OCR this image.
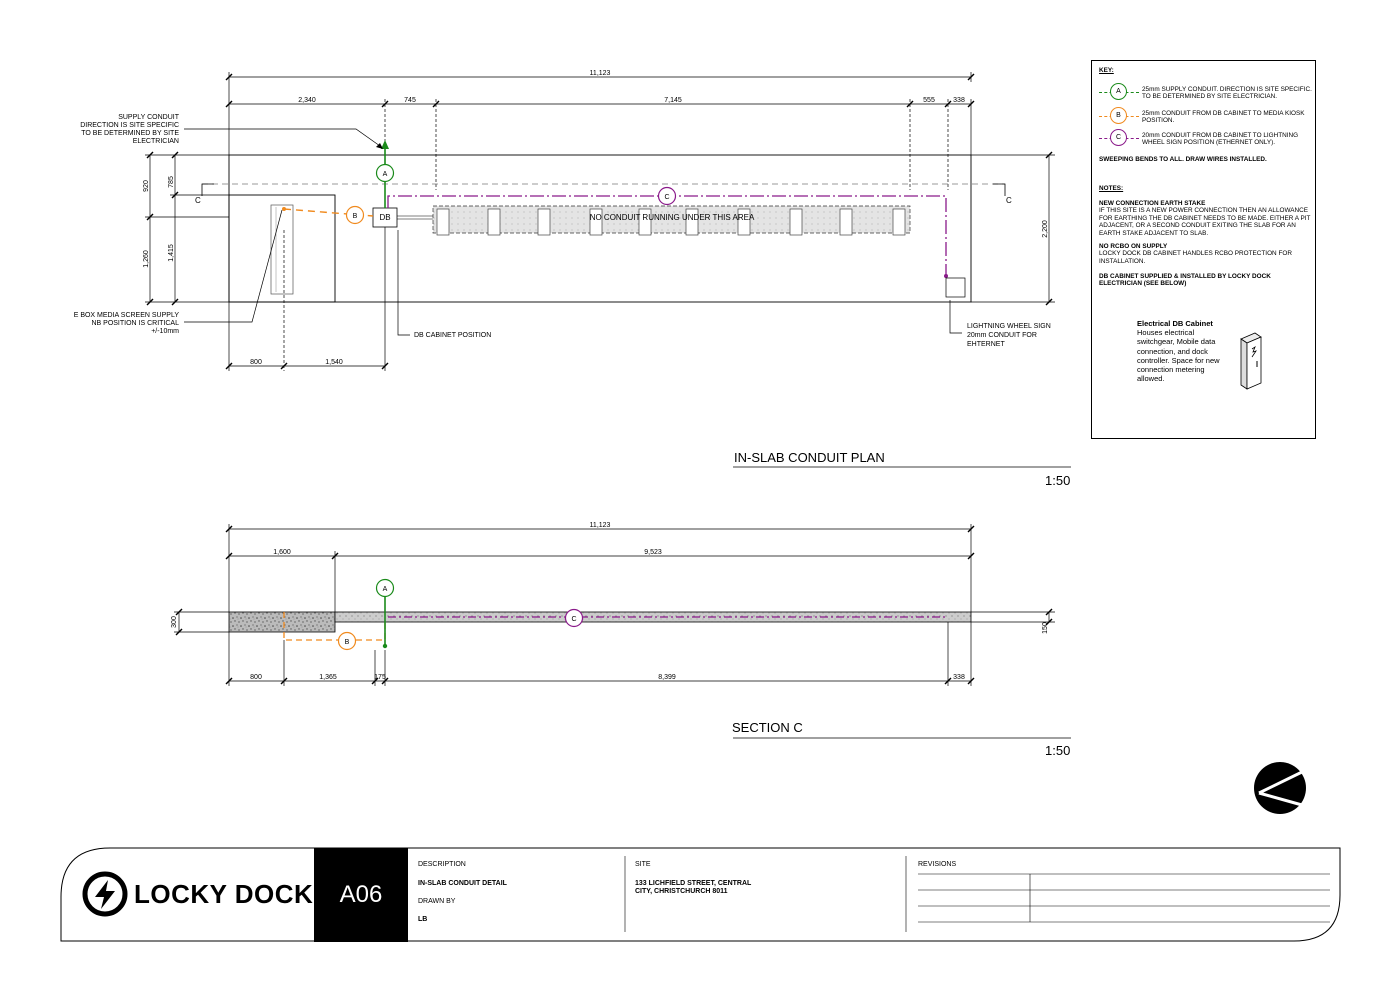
11,123
2,340	745	7,145	555	338
C	C
NO CONDUIT RUNNING UNDER THIS AREA
DB
A
B
C
920	785
1,260	1,415
2,200
800	1,540
SUPPLY CONDUIT
DIRECTION IS SITE SPECIFIC
TO BE DETERMINED BY SITE
ELECTRICIAN
E BOX MEDIA SCREEN SUPPLY
NB POSITION IS CRITICAL
+/-10mm
DB CABINET POSITION
LIGHTNING WHEEL SIGN
20mm CONDUIT FOR
EHTERNET
11,123
1,600	9,523
C
B
A
300
150
800	1,365	175	8,399	338
IN-SLAB CONDUIT PLAN
1:50
SECTION C
1:50
KEY:
A	25mm SUPPLY CONDUIT. DIRECTION IS SITE SPECIFIC. TO BE DETERMINED BY SITE ELECTRICIAN.
B	25mm CONDUIT FROM DB CABINET TO MEDIA KIOSK POSITION.
C	20mm CONDUIT FROM DB CABINET TO LIGHTNING WHEEL SIGN POSITION (ETHERNET ONLY).
SWEEPING BENDS TO ALL. DRAW WIRES INSTALLED.
NOTES:
NEW CONNECTION EARTH STAKE
IF THIS SITE IS A NEW POWER CONNECTION THEN AN ALLOWANCE FOR EARTHING THE DB CABINET NEEDS TO BE MADE. EITHER A PIT ADJACENT, OR A SECOND CONDUIT EXITING THE SLAB FOR AN EARTH STAKE ADJACENT TO SLAB.
NO RCBO ON SUPPLY
LOCKY DOCK DB CABINET HANDLES RCBO PROTECTION FOR INSTALLATION.
DB CABINET SUPPLIED & INSTALLED BY LOCKY DOCK ELECTRICIAN (SEE BELOW)
Electrical DB Cabinet
Houses electrical switchgear, Mobile data connection, and dock controller. Space for new connection metering allowed.
LOCKY DOCK	A06
DESCRIPTION
IN-SLAB CONDUIT DETAIL
DRAWN BY
LB
SITE
133 LICHFIELD STREET, CENTRAL
CITY, CHRISTCHURCH 8011
REVISIONS
